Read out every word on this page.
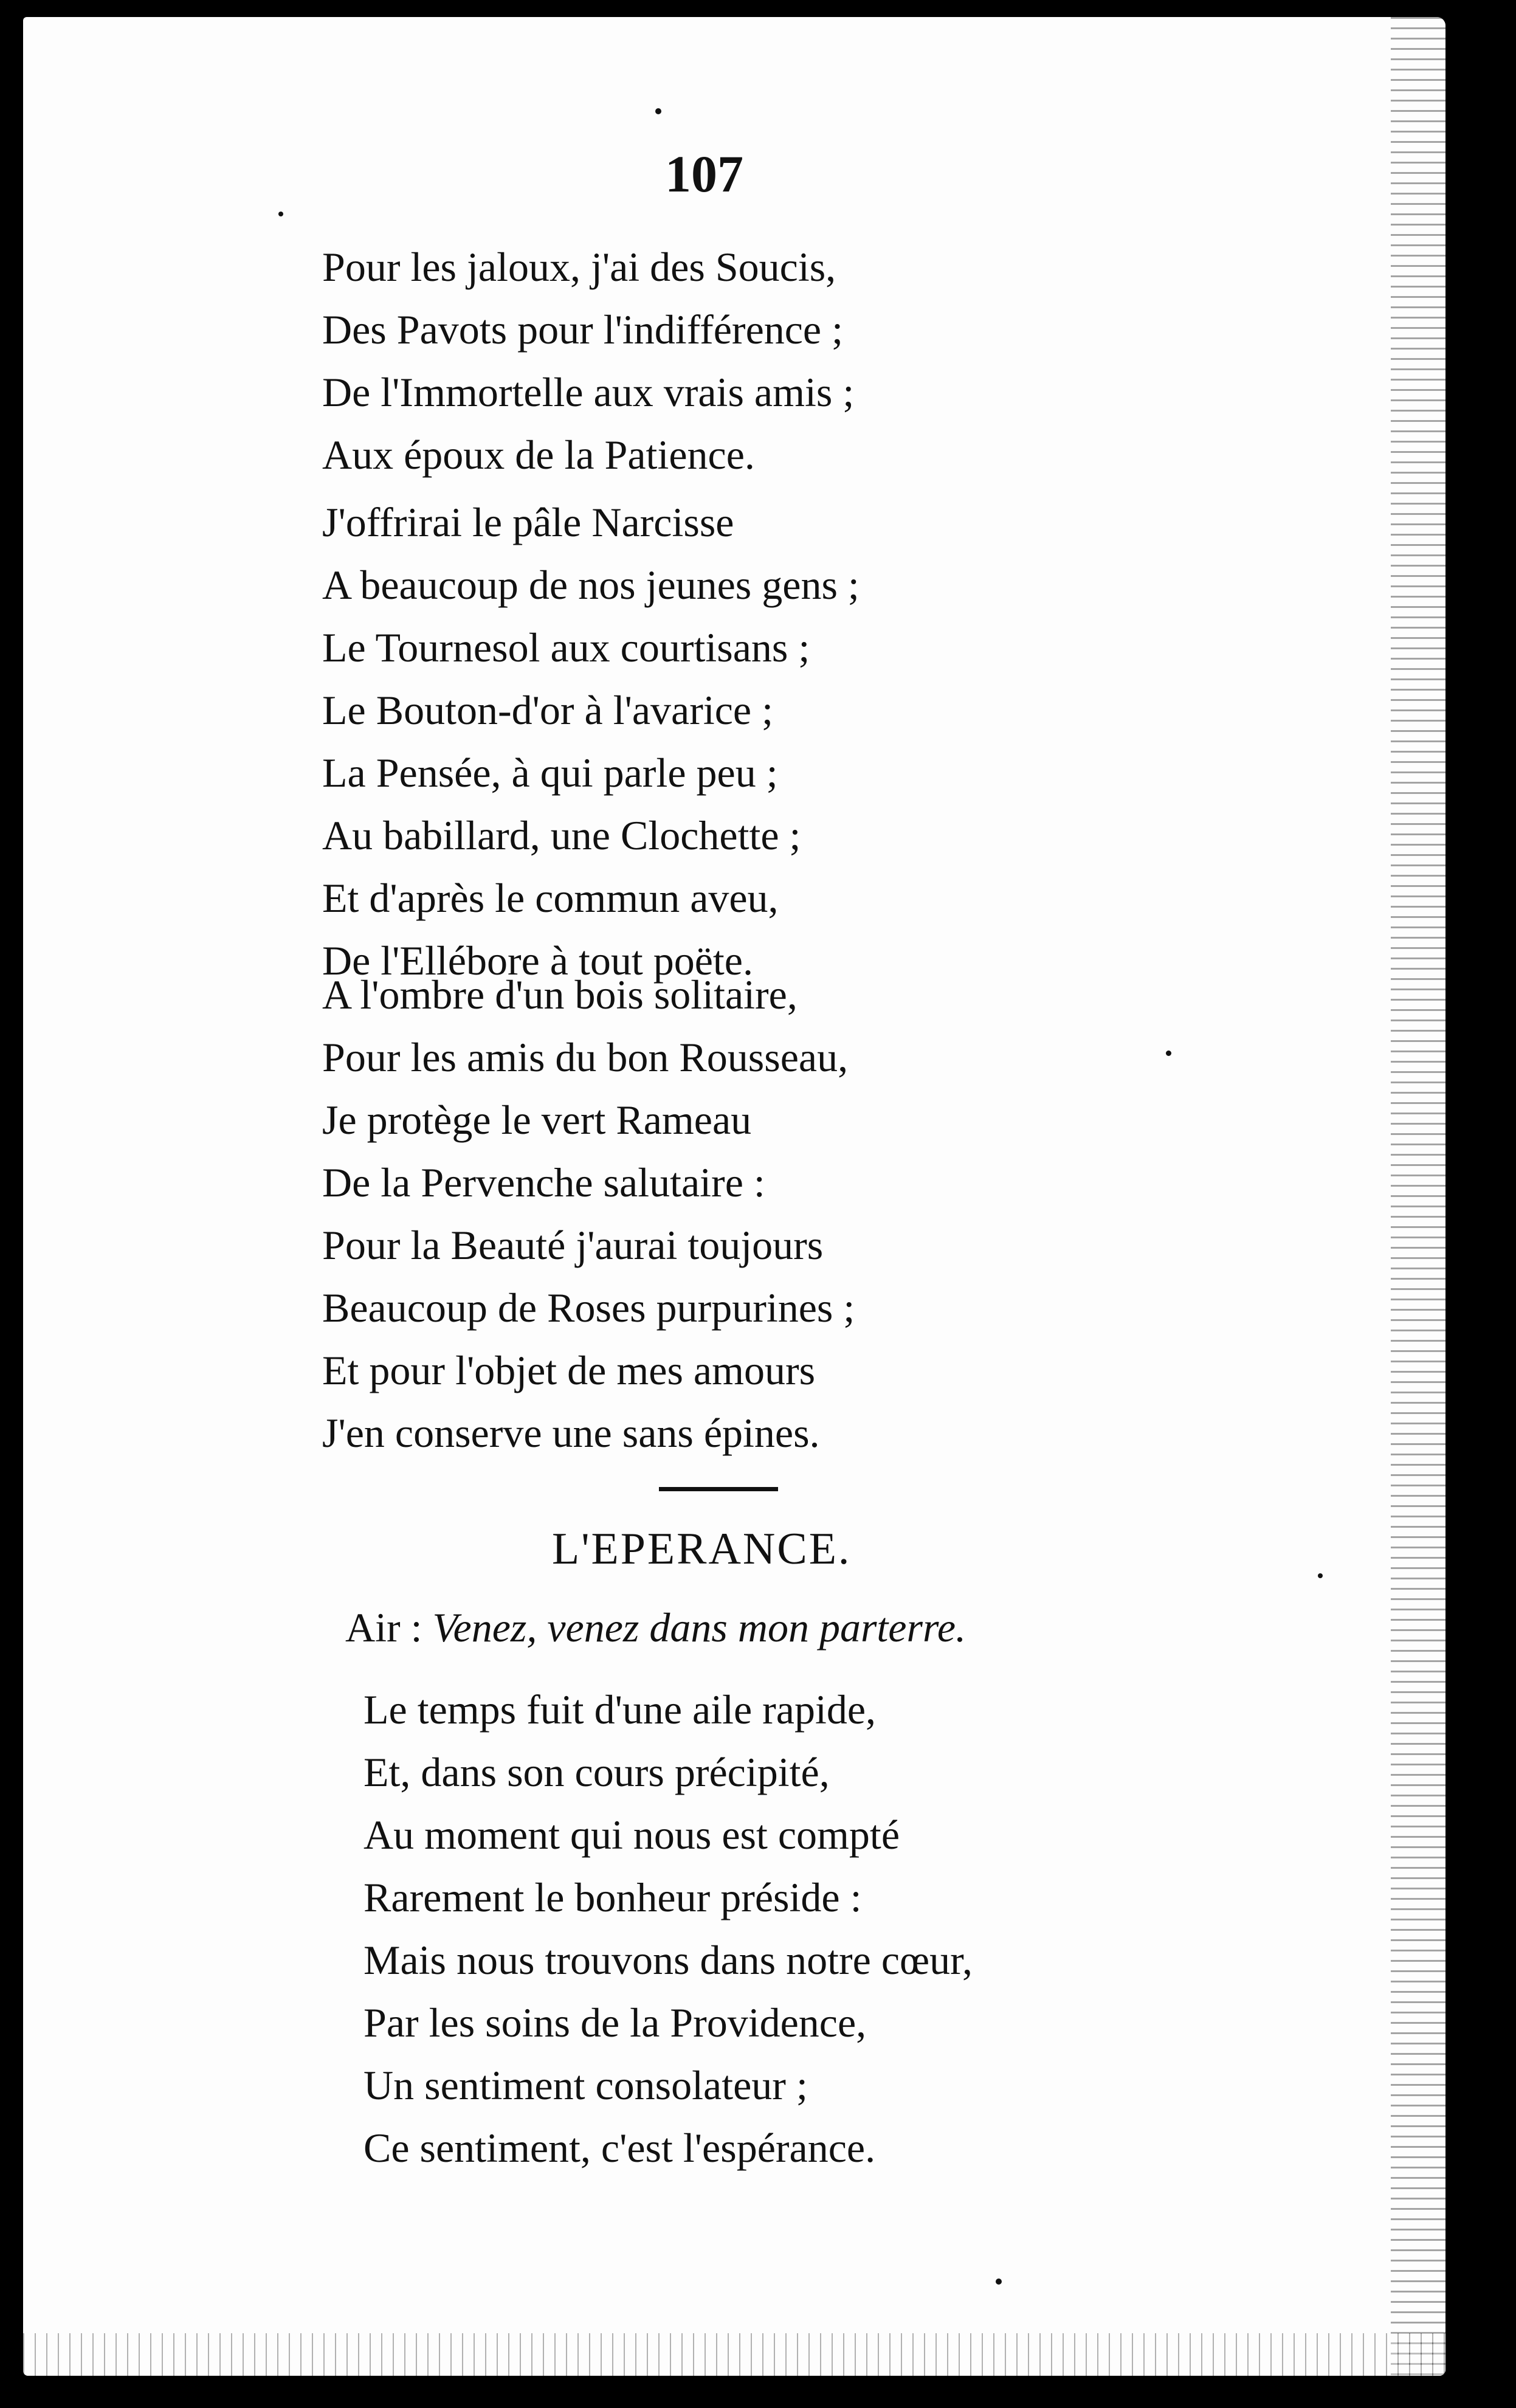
107
Pour les jaloux, j'ai des Soucis,
Des Pavots pour l'indifférence ;
De l'Immortelle aux vrais amis ;
Aux époux de la Patience.
J'offrirai le pâle Narcisse
A beaucoup de nos jeunes gens ;
Le Tournesol aux courtisans ;
Le Bouton-d'or à l'avarice ;
La Pensée, à qui parle peu ;
Au babillard, une Clochette ;
Et d'après le commun aveu,
De l'Ellébore à tout poëte.
A l'ombre d'un bois solitaire,
Pour les amis du bon Rousseau,
Je protège le vert Rameau
De la Pervenche salutaire :
Pour la Beauté j'aurai toujours
Beaucoup de Roses purpurines ;
Et pour l'objet de mes amours
J'en conserve une sans épines.
L'EPERANCE.
Air : Venez, venez dans mon parterre.
Le temps fuit d'une aile rapide,
Et, dans son cours précipité,
Au moment qui nous est compté
Rarement le bonheur préside :
Mais nous trouvons dans notre cœur,
Par les soins de la Providence,
Un sentiment consolateur ;
Ce sentiment, c'est l'espérance.
